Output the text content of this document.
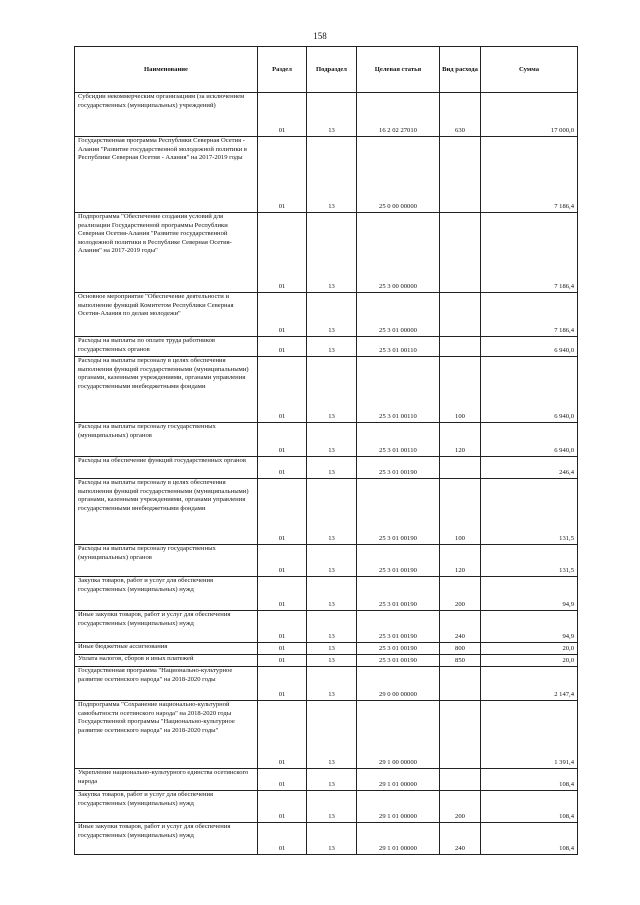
158
Наименование	Раздел	Подраздел	Целевая статья	Вид расхода	Сумма
Субсидии некоммерческим организациям (за исключением государственных (муниципальных) учреждений)	01	13	16 2 02 27010	630	17 000,0
Государственная программа Республики Северная Осетия - Алания "Развитие государственной молодежной политики в Республике Северная Осетия - Алания" на 2017-2019 годы	01	13	25 0 00 00000		7 186,4
Подпрограмма "Обеспечение создания условий для реализации Государственной программы Республики Северная Осетия-Алания "Развитие государственной молодежной политики в Республике Северная Осетия-Алания" на 2017-2019 годы"	01	13	25 3 00 00000		7 186,4
Основное мероприятие "Обеспечение деятельности и выполнение функций Комитетом Республики Северная Осетия-Алания по делам молодежи"	01	13	25 3 01 00000		7 186,4
Расходы на выплаты по оплате труда работников государственных органов	01	13	25 3 01 00110		6 940,0
Расходы на выплаты персоналу в целях обеспечения выполнения функций государственными (муниципальными) органами, казенными учреждениями, органами управления государственными внебюджетными фондами	01	13	25 3 01 00110	100	6 940,0
Расходы на выплаты персоналу государственных (муниципальных) органов	01	13	25 3 01 00110	120	6 940,0
Расходы на обеспечение функций государственных органов	01	13	25 3 01 00190		246,4
Расходы на выплаты персоналу в целях обеспечения выполнения функций государственными (муниципальными) органами, казенными учреждениями, органами управления государственными внебюджетными фондами	01	13	25 3 01 00190	100	131,5
Расходы на выплаты персоналу государственных (муниципальных) органов	01	13	25 3 01 00190	120	131,5
Закупка товаров, работ и услуг для обеспечения государственных (муниципальных) нужд	01	13	25 3 01 00190	200	94,9
Иные закупки товаров, работ и услуг для обеспечения государственных (муниципальных) нужд	01	13	25 3 01 00190	240	94,9
Иные бюджетные ассигнования	01	13	25 3 01 00190	800	20,0
Уплата налогов, сборов и иных платежей	01	13	25 3 01 00190	850	20,0
Государственная программа "Национально-культурное развитие осетинского народа" на 2018-2020 годы	01	13	29 0 00 00000		2 147,4
Подпрограмма "Сохранение национально-культурной самобытности осетинского народа" на 2018-2020 годы Государственной программы "Национально-культурное развитие осетинского народа" на 2018-2020 годы"	01	13	29 1 00 00000		1 391,4
Укрепление национально-культурного единства осетинского народа	01	13	29 1 01 00000		108,4
Закупка товаров, работ и услуг для обеспечения государственных (муниципальных) нужд	01	13	29 1 01 00000	200	108,4
Иные закупки товаров, работ и услуг для обеспечения государственных (муниципальных) нужд	01	13	29 1 01 00000	240	108,4
